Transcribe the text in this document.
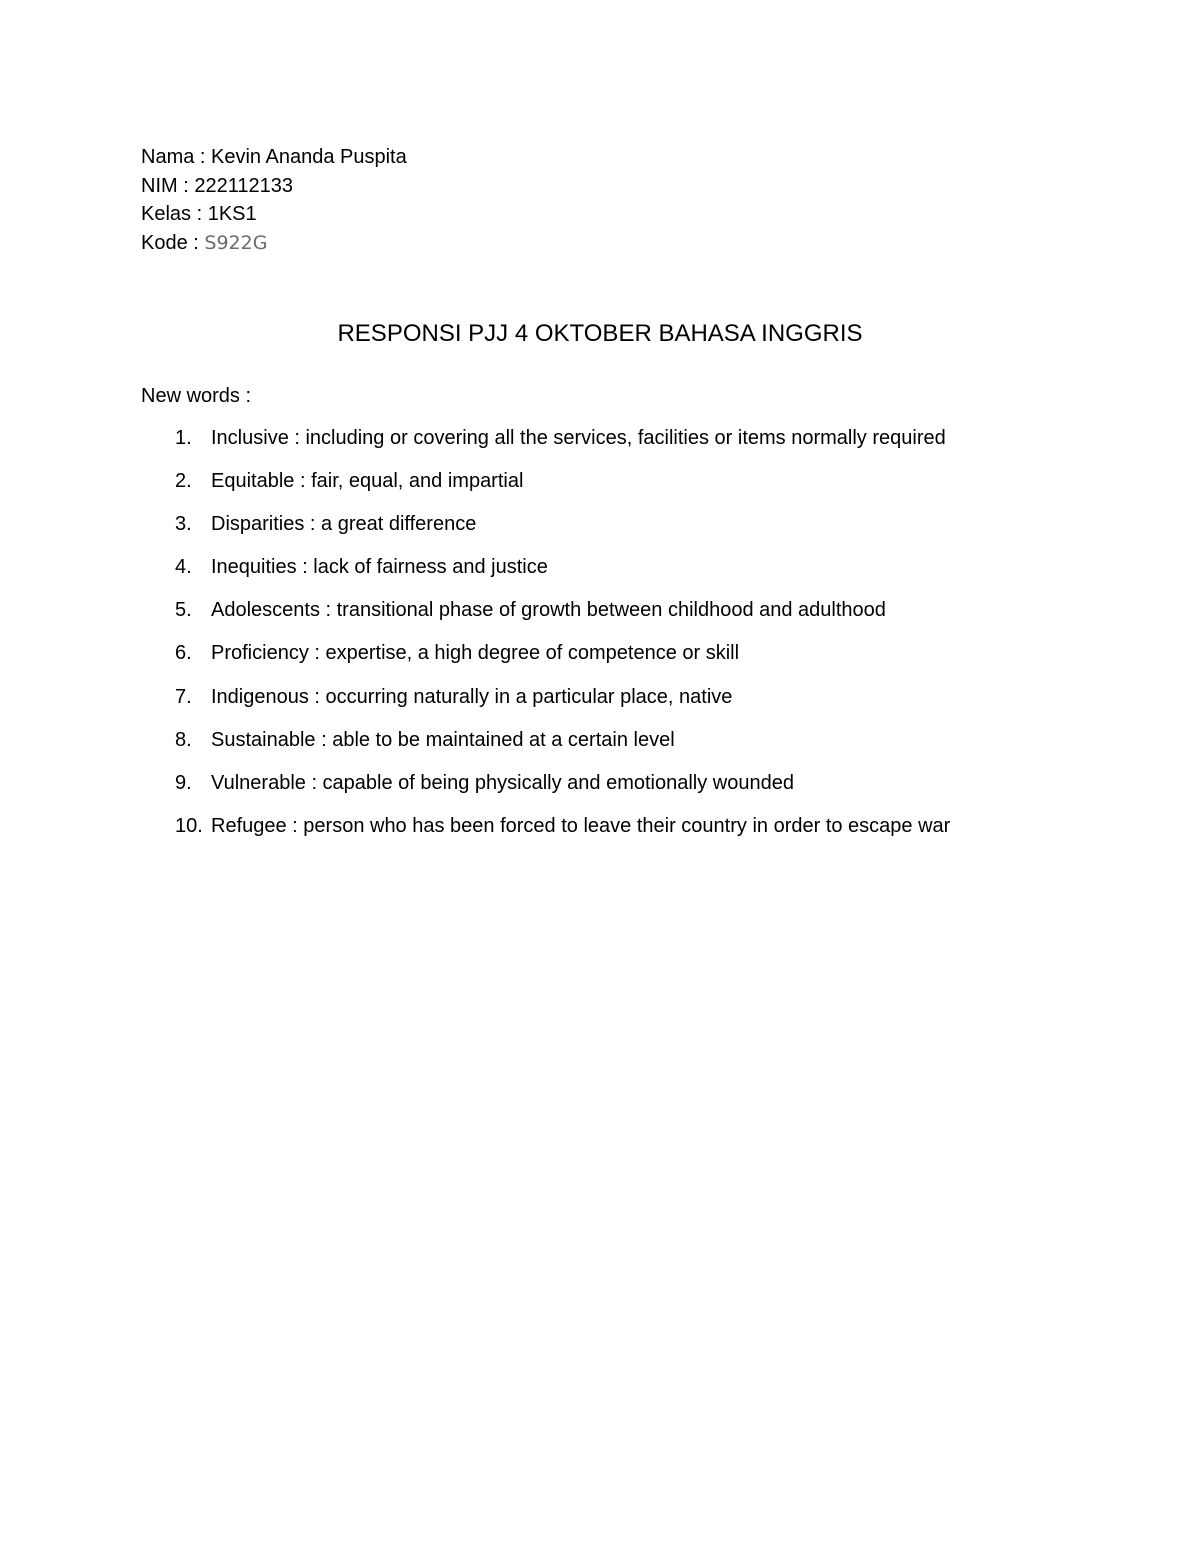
Nama : Kevin Ananda Puspita
NIM : 222112133
Kelas : 1KS1
Kode : S922G
RESPONSI PJJ 4 OKTOBER BAHASA INGGRIS
New words :
1. Inclusive : including or covering all the services, facilities or items normally required
2. Equitable : fair, equal, and impartial
3. Disparities : a great difference
4. Inequities : lack of fairness and justice
5. Adolescents : transitional phase of growth between childhood and adulthood
6. Proficiency : expertise, a high degree of competence or skill
7. Indigenous : occurring naturally in a particular place, native
8. Sustainable : able to be maintained at a certain level
9. Vulnerable : capable of being physically and emotionally wounded
10. Refugee : person who has been forced to leave their country in order to escape war
